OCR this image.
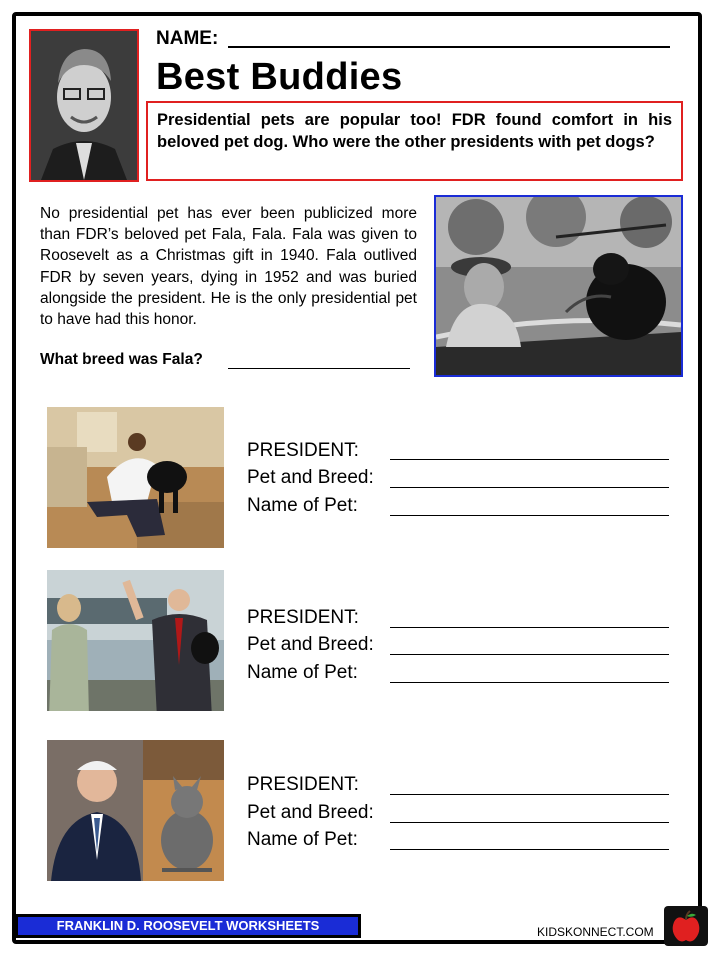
NAME:
Best Buddies
Presidential pets are popular too! FDR found comfort in his beloved pet dog. Who were the other presidents with pet dogs?
No presidential pet has ever been publicized more than FDR’s beloved pet Fala, Fala. Fala was given to Roosevelt as a Christmas gift in 1940. Fala outlived FDR by seven years, dying in 1952 and was buried alongside the president. He is the only presidential pet to have had this honor.
What breed was Fala?
PRESIDENT:
Pet and Breed:
Name of Pet:
PRESIDENT:
Pet and Breed:
Name of Pet:
PRESIDENT:
Pet and Breed:
Name of Pet:
FRANKLIN D. ROOSEVELT WORKSHEETS	KIDSKONNECT.COM
